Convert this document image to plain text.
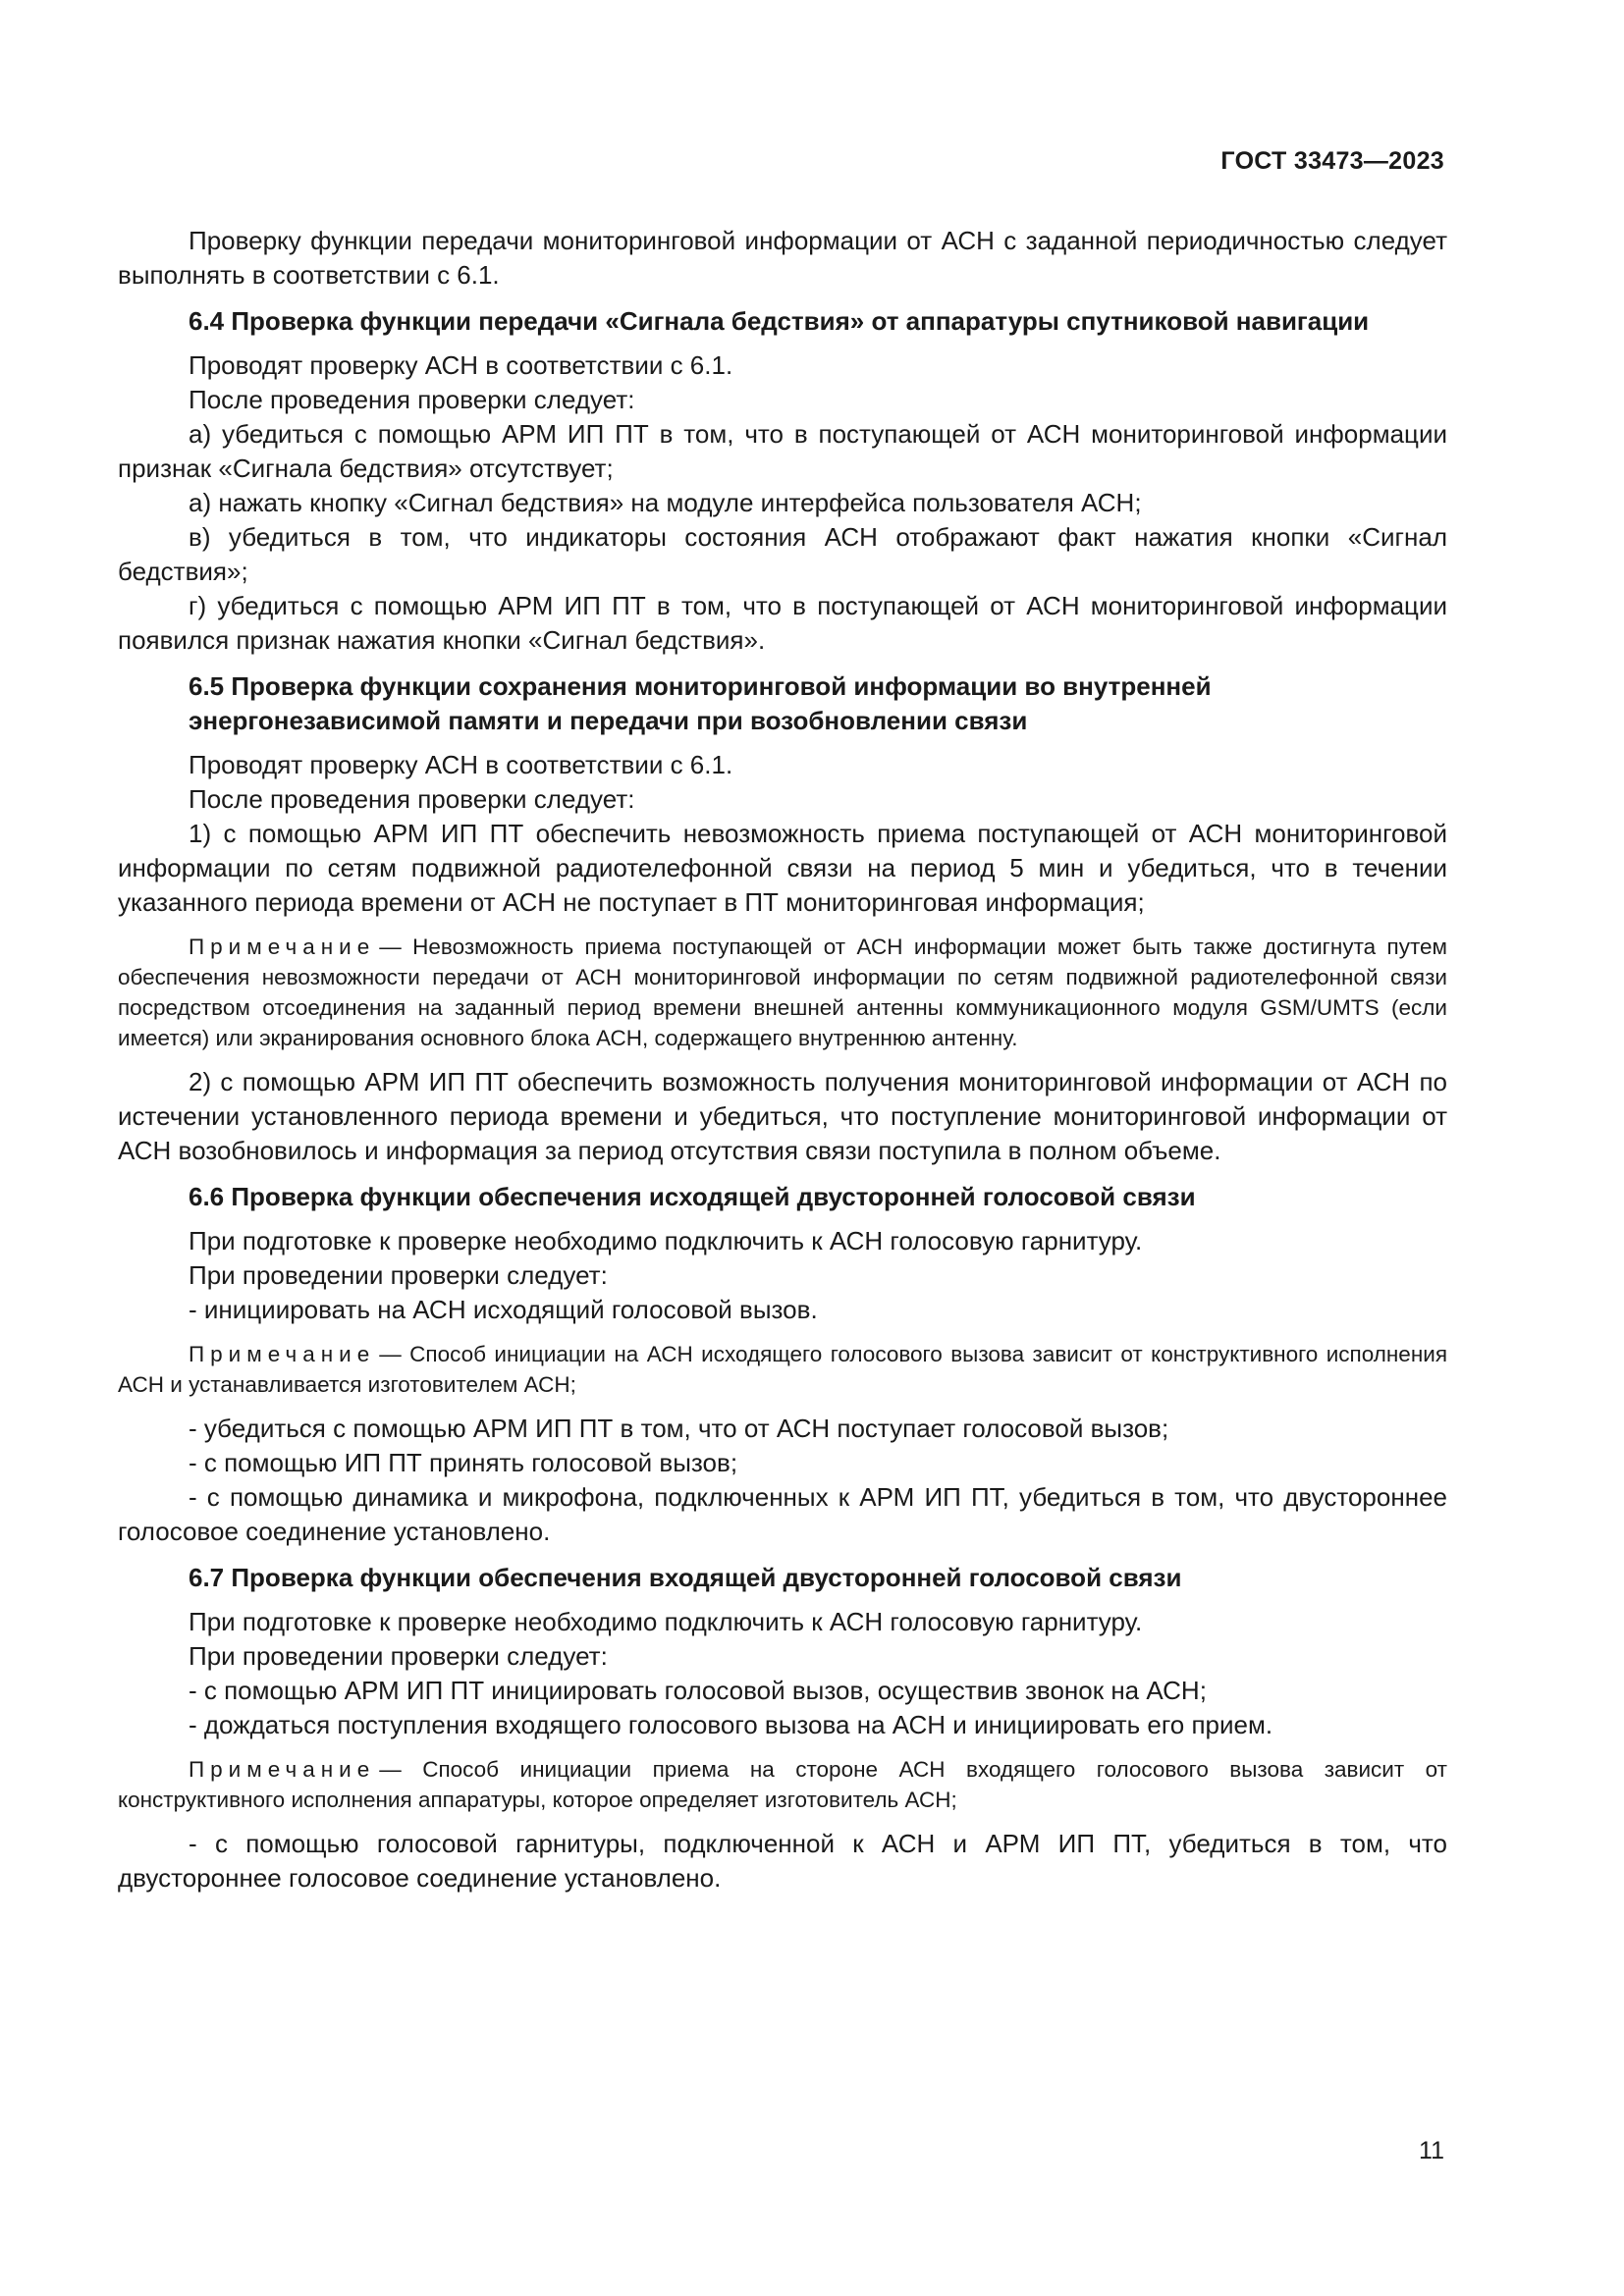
ГОСТ 33473—2023

Проверку функции передачи мониторинговой информации от АСН с заданной периодичностью следует выполнять в соответствии с 6.1.

6.4 Проверка функции передачи «Сигнала бедствия» от аппаратуры спутниковой навигации

Проводят проверку АСН в соответствии с 6.1.

После проведения проверки следует:

а) убедиться с помощью АРМ ИП ПТ в том, что в поступающей от АСН мониторинговой информации признак «Сигнала бедствия» отсутствует;

а) нажать кнопку «Сигнал бедствия» на модуле интерфейса пользователя АСН;

в) убедиться в том, что индикаторы состояния АСН отображают факт нажатия кнопки «Сигнал бедствия»;

г) убедиться с помощью АРМ ИП ПТ в том, что в поступающей от АСН мониторинговой информации появился признак нажатия кнопки «Сигнал бедствия».

6.5 Проверка функции сохранения мониторинговой информации во внутренней энергонезависимой памяти и передачи при возобновлении связи

Проводят проверку АСН в соответствии с 6.1.

После проведения проверки следует:

1) с помощью АРМ ИП ПТ обеспечить невозможность приема поступающей от АСН мониторинговой информации по сетям подвижной радиотелефонной связи на период 5 мин и убедиться, что в течении указанного периода времени от АСН не поступает в ПТ мониторинговая информация;

Примечание — Невозможность приема поступающей от АСН информации может быть также достигнута путем обеспечения невозможности передачи от АСН мониторинговой информации по сетям подвижной радиотелефонной связи посредством отсоединения на заданный период времени внешней антенны коммуникационного модуля GSM/UMTS (если имеется) или экранирования основного блока АСН, содержащего внутреннюю антенну.

2) с помощью АРМ ИП ПТ обеспечить возможность получения мониторинговой информации от АСН по истечении установленного периода времени и убедиться, что поступление мониторинговой информации от АСН возобновилось и информация за период отсутствия связи поступила в полном объеме.

6.6 Проверка функции обеспечения исходящей двусторонней голосовой связи

При подготовке к проверке необходимо подключить к АСН голосовую гарнитуру.

При проведении проверки следует:

- инициировать на АСН исходящий голосовой вызов.

Примечание — Способ инициации на АСН исходящего голосового вызова зависит от конструктивного исполнения АСН и устанавливается изготовителем АСН;

- убедиться с помощью АРМ ИП ПТ в том, что от АСН поступает голосовой вызов;

- с помощью ИП ПТ принять голосовой вызов;

- с помощью динамика и микрофона, подключенных к АРМ ИП ПТ, убедиться в том, что двустороннее голосовое соединение установлено.

6.7 Проверка функции обеспечения входящей двусторонней голосовой связи

При подготовке к проверке необходимо подключить к АСН голосовую гарнитуру.

При проведении проверки следует:

- с помощью АРМ ИП ПТ инициировать голосовой вызов, осуществив звонок на АСН;

- дождаться поступления входящего голосового вызова на АСН и инициировать его прием.

Примечание — Способ инициации приема на стороне АСН входящего голосового вызова зависит от конструктивного исполнения аппаратуры, которое определяет изготовитель АСН;

- с помощью голосовой гарнитуры, подключенной к АСН и АРМ ИП ПТ, убедиться в том, что двустороннее голосовое соединение установлено.

11
